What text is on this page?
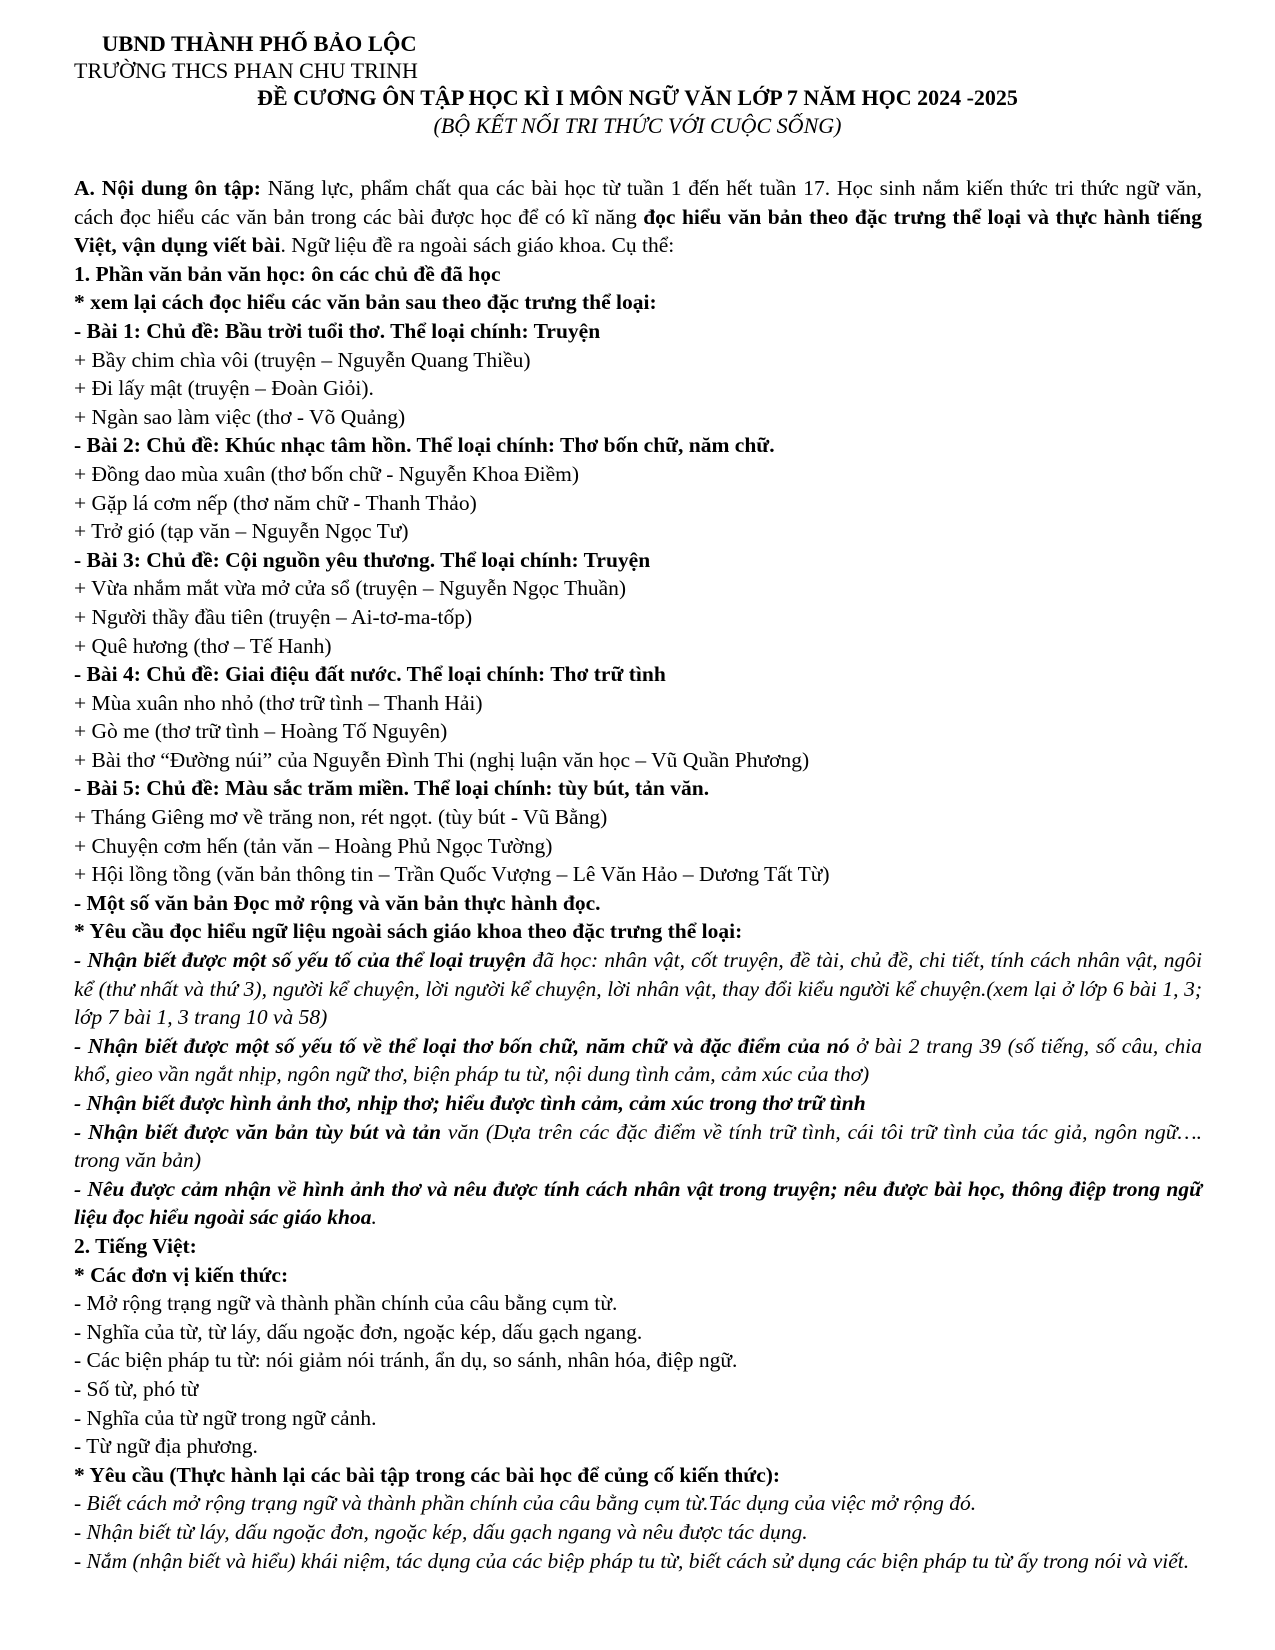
UBND THÀNH PHỐ BẢO LỘC
TRƯỜNG THCS PHAN CHU TRINH
ĐỀ CƯƠNG ÔN TẬP HỌC KÌ I MÔN NGỮ VĂN LỚP 7 NĂM HỌC 2024 -2025
(BỘ KẾT NỐI TRI THỨC VỚI CUỘC SỐNG)

A. Nội dung ôn tập: Năng lực, phẩm chất qua các bài học từ tuần 1 đến hết tuần 17. Học sinh nắm kiến thức tri thức ngữ văn, cách đọc hiểu các văn bản trong các bài được học để có kĩ năng đọc hiểu văn bản theo đặc trưng thể loại và thực hành tiếng Việt, vận dụng viết bài. Ngữ liệu đề ra ngoài sách giáo khoa. Cụ thể:

1. Phần văn bản văn học: ôn các chủ đề đã học

* xem lại cách đọc hiểu các văn bản sau theo đặc trưng thể loại:

- Bài 1: Chủ đề: Bầu trời tuổi thơ. Thể loại chính: Truyện

+ Bầy chim chìa vôi (truyện – Nguyễn Quang Thiều)

+ Đi lấy mật (truyện – Đoàn Giỏi).

+ Ngàn sao làm việc (thơ - Võ Quảng)

- Bài 2: Chủ đề: Khúc nhạc tâm hồn. Thể loại chính: Thơ bốn chữ, năm chữ.

+ Đồng dao mùa xuân (thơ bốn chữ - Nguyễn Khoa Điềm)

+ Gặp lá cơm nếp (thơ năm chữ - Thanh Thảo)

+ Trở gió (tạp văn – Nguyễn Ngọc Tư)

- Bài 3: Chủ đề: Cội nguồn yêu thương. Thể loại chính: Truyện

+ Vừa nhắm mắt vừa mở cửa sổ (truyện – Nguyễn Ngọc Thuần)

+ Người thầy đầu tiên (truyện – Ai-tơ-ma-tốp)

+ Quê hương (thơ – Tế Hanh)

- Bài 4: Chủ đề: Giai điệu đất nước. Thể loại chính: Thơ trữ tình

+ Mùa xuân nho nhỏ (thơ trữ tình – Thanh Hải)

+ Gò me (thơ trữ tình – Hoàng Tố Nguyên)

+ Bài thơ “Đường núi” của Nguyễn Đình Thi (nghị luận văn học – Vũ Quần Phương)

- Bài 5: Chủ đề: Màu sắc trăm miền. Thể loại chính: tùy bút, tản văn.

+ Tháng Giêng mơ về trăng non, rét ngọt. (tùy bút - Vũ Bằng)

+ Chuyện cơm hến (tản văn – Hoàng Phủ Ngọc Tường)

+ Hội lồng tồng (văn bản thông tin – Trần Quốc Vượng – Lê Văn Hảo – Dương Tất Từ)

- Một số văn bản Đọc mở rộng và văn bản thực hành đọc.

* Yêu cầu đọc hiểu ngữ liệu ngoài sách giáo khoa theo đặc trưng thể loại:

- Nhận biết được một số yếu tố của thể loại truyện đã học: nhân vật, cốt truyện, đề tài, chủ đề, chi tiết, tính cách nhân vật, ngôi kể (thư nhất và thứ 3), người kể chuyện, lời người kể chuyện, lời nhân vật, thay đổi kiểu người kể chuyện.(xem lại ở lớp 6 bài 1, 3; lớp 7 bài 1, 3 trang 10 và 58)

- Nhận biết được một số yếu tố về thể loại thơ bốn chữ, năm chữ và đặc điểm của nó ở bài 2 trang 39 (số tiếng, số câu, chia khổ, gieo vần ngắt nhịp, ngôn ngữ thơ, biện pháp tu từ, nội dung tình cảm, cảm xúc của thơ)

- Nhận biết được hình ảnh thơ, nhịp thơ; hiểu được tình cảm, cảm xúc trong thơ trữ tình

- Nhận biết được văn bản tùy bút và tản văn (Dựa trên các đặc điểm về tính trữ tình, cái tôi trữ tình của tác giả, ngôn ngữ…. trong văn bản)

- Nêu được cảm nhận về hình ảnh thơ và nêu được tính cách nhân vật trong truyện; nêu được bài học, thông điệp trong ngữ liệu đọc hiểu ngoài sác giáo khoa.

2. Tiếng Việt:

* Các đơn vị kiến thức:

- Mở rộng trạng ngữ và thành phần chính của câu bằng cụm từ.

- Nghĩa của từ, từ láy, dấu ngoặc đơn, ngoặc kép, dấu gạch ngang.

- Các biện pháp tu từ: nói giảm nói tránh, ẩn dụ, so sánh, nhân hóa, điệp ngữ.

- Số từ, phó từ

- Nghĩa của từ ngữ trong ngữ cảnh.

- Từ ngữ địa phương.

* Yêu cầu (Thực hành lại các bài tập trong các bài học để củng cố kiến thức):

- Biết cách mở rộng trạng ngữ và thành phần chính của câu bằng cụm từ.Tác dụng của việc mở rộng đó.

- Nhận biết từ láy, dấu ngoặc đơn, ngoặc kép, dấu gạch ngang và nêu được tác dụng.

- Nắm (nhận biết và hiểu) khái niệm, tác dụng của các biệp pháp tu từ, biết cách sử dụng các biện pháp tu từ ấy trong nói và viết.
